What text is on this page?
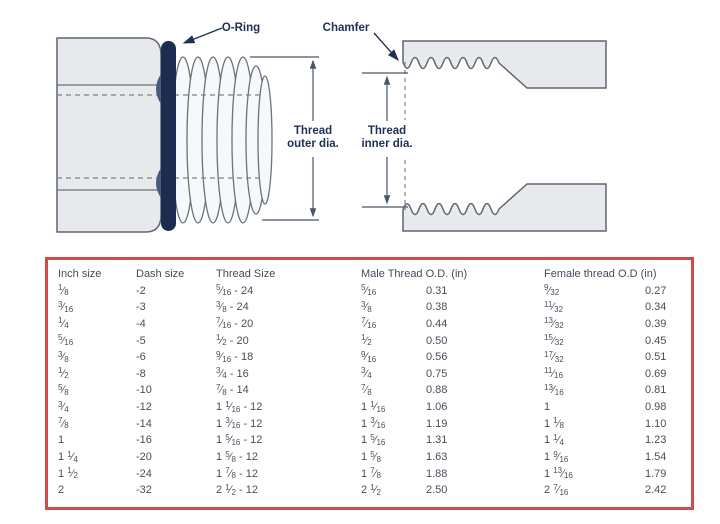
Thread
outer dia.
O-Ring	Chamfer
Thread
inner dia.
Inch size	Dash size	Thread Size	Male Thread O.D. (in)	Female thread O.D (in)
$^1⁄_8$	-2	$^5⁄_{16} - 24$	$^5⁄_{16}$	0.31	$^9⁄_{32}$	0.27
$^3⁄_{16}$	-3	$^3⁄_8 - 24$	$^3⁄_8$	0.38	$^{11}⁄_{32}$	0.34
$^1⁄_4$	-4	$^7⁄_{16} - 20$	$^7⁄_{16}$	0.44	$^{13}⁄_{32}$	0.39
$^5⁄_{16}$	-5	$^1⁄_2 - 20$	$^1⁄_2$	0.50	$^{15}⁄_{32}$	0.45
$^3⁄_8$	-6	$^9⁄_{16} - 18$	$^9⁄_{16}$	0.56	$^{17}⁄_{32}$	0.51
$^1⁄_2$	-8	$^3⁄_4 - 16$	$^3⁄_4$	0.75	$^{11}⁄_{16}$	0.69
$^5⁄_8$	-10	$^7⁄_8 - 14$	$^7⁄_8$	0.88	$^{13}⁄_{16}$	0.81
$^3⁄_4$	-12	1 $^1⁄_{16} - 12$	1 $^1⁄_{16}$	1.06	1	0.98
$^7⁄_8$	-14	1 $^3⁄_{16} - 12$	1 $^3⁄_{16}$	1.19	1 $^1⁄_8$	1.10
1	-16	1 $^5⁄_{16} - 12$	1 $^5⁄_{16}$	1.31	1 $^1⁄_4$	1.23
1 $^1⁄_4$	-20	1 $^5⁄_8 - 12$	1 $^5⁄_8$	1.63	1 $^9⁄_{16}$	1.54
1 $^1⁄_2$	-24	1 $^7⁄_8 - 12$	1 $^7⁄_8$	1.88	1 $^{13}⁄_{16}$	1.79
2	-32	2 $^1⁄_2 - 12$	2 $^1⁄_2$	2.50	2 $^7⁄_{16}$	2.42
